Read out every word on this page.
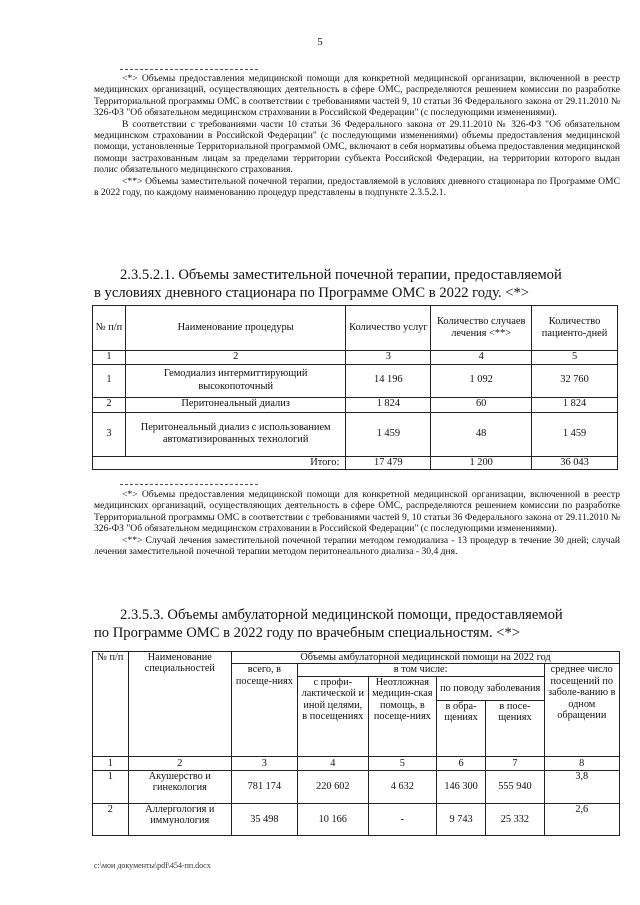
5

<*> Объемы предоставления медицинской помощи для конкретной медицинской организации, включенной в реестр медицинских организаций, осуществляющих деятельность в сфере ОМС, распределяются решением комиссии по разработке Территориальной программы ОМС в соответствии с требованиями частей 9, 10 статьи 36 Федерального закона от 29.11.2010 № 326-ФЗ "Об обязательном медицинском страховании в Российской Федерации" (с последующими изменениями).

В соответствии с требованиями части 10 статьи 36 Федерального закона от 29.11.2010 № 326-ФЗ "Об обязательном медицинском страховании в Российской Федерации" (с последующими изменениями) объемы предоставления медицинской помощи, установленные Территориальной программой ОМС, включают в себя нормативы объема предоставления медицинской помощи застрахованным лицам за пределами территории субъекта Российской Федерации, на территории которого выдан полис обязательного медицинского страхования.

<**> Объемы заместительной почечной терапии, предоставляемой в условиях дневного стационара по Программе ОМС в 2022 году, по каждому наименованию процедур представлены в подпункте 2.3.5.2.1.

2.3.5.2.1. Объемы заместительной почечной терапии, предоставляемой
в условиях дневного стационара по Программе ОМС в 2022 году. <*>
№ п/п	Наименование процедуры	Количество услуг	Количество случаев лечения <**>	Количество пациенто-дней
1	2	3	4	5
1	Гемодиализ интермиттирующий высокопоточный	14 196	1 092	32 760
2	Перитонеальный диализ	1 824	60	1 824
3	Перитонеальный диализ с использованием автоматизированных технологий	1 459	48	1 459
	Итого:	17 479	1 200	36 043

<*> Объемы предоставления медицинской помощи для конкретной медицинской организации, включенной в реестр медицинских организаций, осуществляющих деятельность в сфере ОМС, распределяются решением комиссии по разработке Территориальной программы ОМС в соответствии с требованиями частей 9, 10 статьи 36 Федерального закона от 29.11.2010 № 326-ФЗ "Об обязательном медицинском страховании в Российской Федерации" (с последующими изменениями).

<**> Случай лечения заместительной почечной терапии методом гемодиализа - 13 процедур в течение 30 дней; случай лечения заместительной почечной терапии методом перитонеального диализа - 30,4 дня.

2.3.5.3. Объемы амбулаторной медицинской помощи, предоставляемой
по Программе ОМС в 2022 году по врачебным специальностям. <*>
№ п/п	Наименование специальностей	Объемы амбулаторной медицинской помощи на 2022 год					
		всего, в посеще-ниях	в том числе:				среднее число посещений по заболе-ванию в одном обращении
			с профи-лактической и иной целями, в посещениях	Неотложная медицин-ская помощь, в посеще-ниях	по поводу заболевания		
					в обра-щениях	в посе-щениях	
1	2	3	4	5	6	7	8
1	Акушерство и гинекология	781 174	220 602	4 632	146 300	555 940	3,8
2	Аллергология и иммунология	35 498	10 166	-	9 743	25 332	2,6
c:\мои документы\pdf\454-пп.docx
